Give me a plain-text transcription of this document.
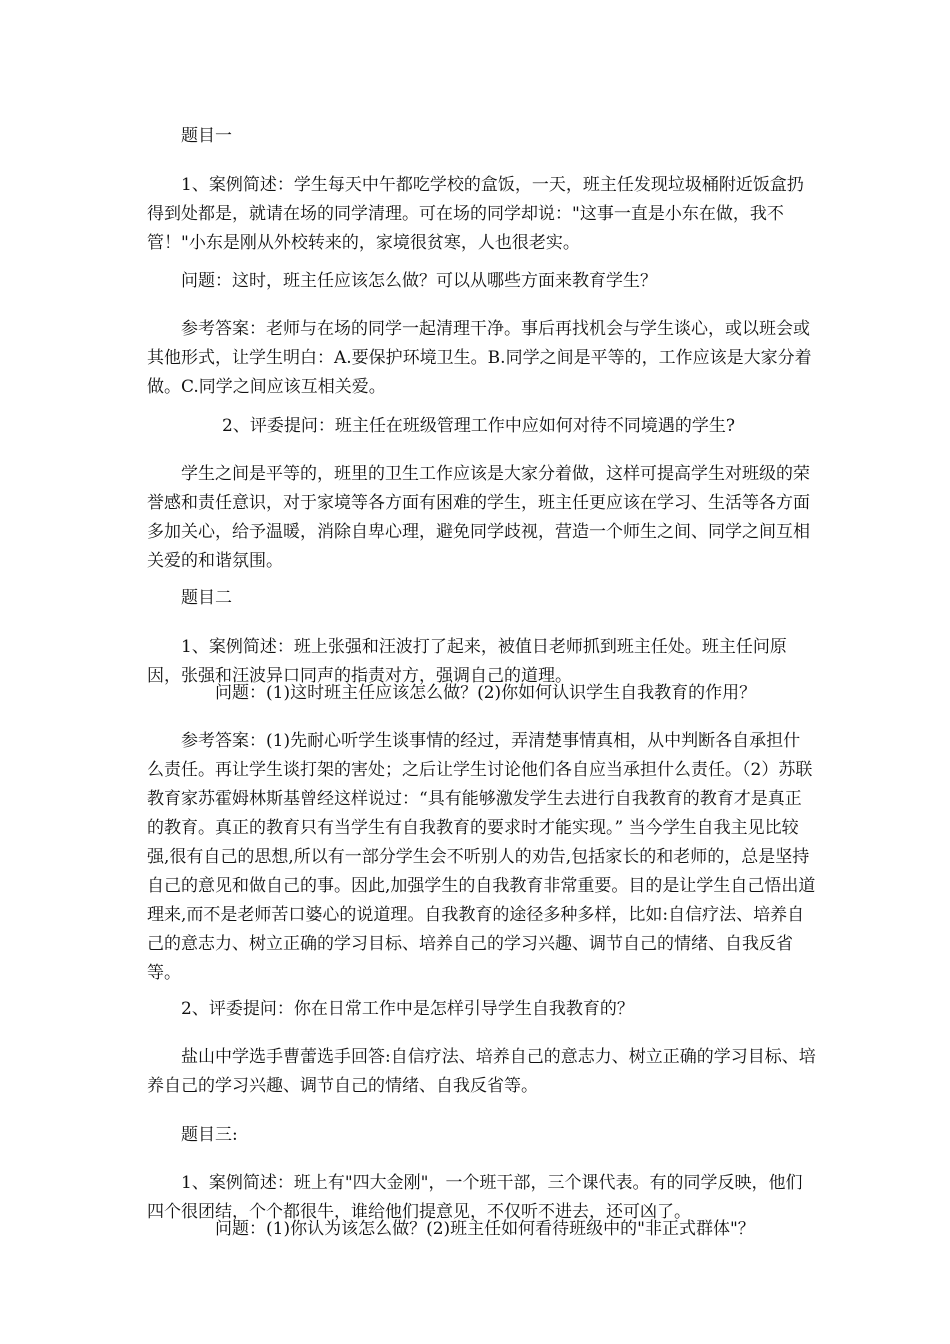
题目一

1、案例简述：学生每天中午都吃学校的盒饭，一天，班主任发现垃圾桶附近饭盒扔得到处都是，就请在场的同学清理。可在场的同学却说："这事一直是小东在做，我不管！"小东是刚从外校转来的，家境很贫寒，人也很老实。

问题：这时，班主任应该怎么做？可以从哪些方面来教育学生？

参考答案：老师与在场的同学一起清理干净。事后再找机会与学生谈心，或以班会或其他形式，让学生明白：A.要保护环境卫生。B.同学之间是平等的，工作应该是大家分着做。C.同学之间应该互相关爱。

2、评委提问：班主任在班级管理工作中应如何对待不同境遇的学生?

学生之间是平等的，班里的卫生工作应该是大家分着做，这样可提高学生对班级的荣誉感和责任意识，对于家境等各方面有困难的学生，班主任更应该在学习、生活等各方面多加关心，给予温暖，消除自卑心理，避免同学歧视，营造一个师生之间、同学之间互相关爱的和谐氛围。

题目二

1、案例简述：班上张强和汪波打了起来，被值日老师抓到班主任处。班主任问原因，张强和汪波异口同声的指责对方，强调自己的道理。

问题：(1)这时班主任应该怎么做？(2)你如何认识学生自我教育的作用？

参考答案：(1)先耐心听学生谈事情的经过，弄清楚事情真相，从中判断各自承担什么责任。再让学生谈打架的害处；之后让学生讨论他们各自应当承担什么责任。（2）苏联教育家苏霍姆林斯基曾经这样说过：“具有能够激发学生去进行自我教育的教育才是真正的教育。真正的教育只有当学生有自我教育的要求时才能实现。” 当今学生自我主见比较强,很有自己的思想,所以有一部分学生会不听别人的劝告,包括家长的和老师的，总是坚持自己的意见和做自己的事。因此,加强学生的自我教育非常重要。目的是让学生自己悟出道理来,而不是老师苦口婆心的说道理。自我教育的途径多种多样，比如:自信疗法、培养自己的意志力、树立正确的学习目标、培养自己的学习兴趣、调节自己的情绪、自我反省等。

2、评委提问：你在日常工作中是怎样引导学生自我教育的？

盐山中学选手曹蕾选手回答:自信疗法、培养自己的意志力、树立正确的学习目标、培养自己的学习兴趣、调节自己的情绪、自我反省等。

题目三:

1、案例简述：班上有"四大金刚"，一个班干部，三个课代表。有的同学反映，他们四个很团结，个个都很牛，谁给他们提意见，不仅听不进去，还可凶了。

问题：(1)你认为该怎么做？(2)班主任如何看待班级中的"非正式群体"？
